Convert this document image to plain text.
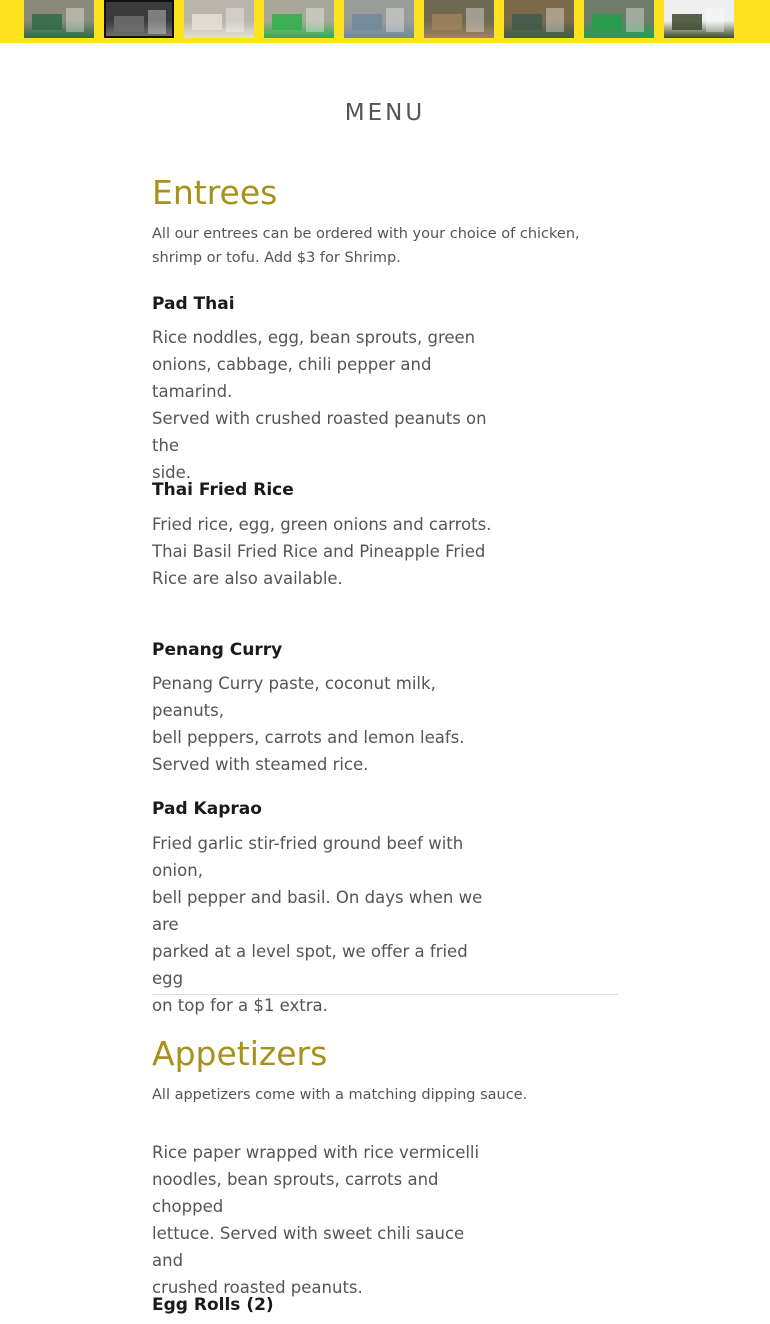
MENU
Entrees

All our entrees can be ordered with your choice of chicken, shrimp or tofu. Add $3 for Shrimp.

Pad Thai

Rice noddles, egg, bean sprouts, green
onions, cabbage, chili pepper and tamarind.
Served with crushed roasted peanuts on the
side.

Thai Fried Rice

Fried rice, egg, green onions and carrots.
Thai Basil Fried Rice and Pineapple Fried
Rice are also available.

Penang Curry

Penang Curry paste, coconut milk, peanuts,
bell peppers, carrots and lemon leafs.
Served with steamed rice.

Pad Kaprao

Fried garlic stir-fried ground beef with onion,
bell pepper and basil. On days when we are
parked at a level spot, we offer a fried egg
on top for a $1 extra.

Appetizers

All appetizers come with a matching dipping sauce.

Rice paper wrapped with rice vermicelli
noodles, bean sprouts, carrots and chopped
lettuce. Served with sweet chili sauce and
crushed roasted peanuts.

Egg Rolls (2)
